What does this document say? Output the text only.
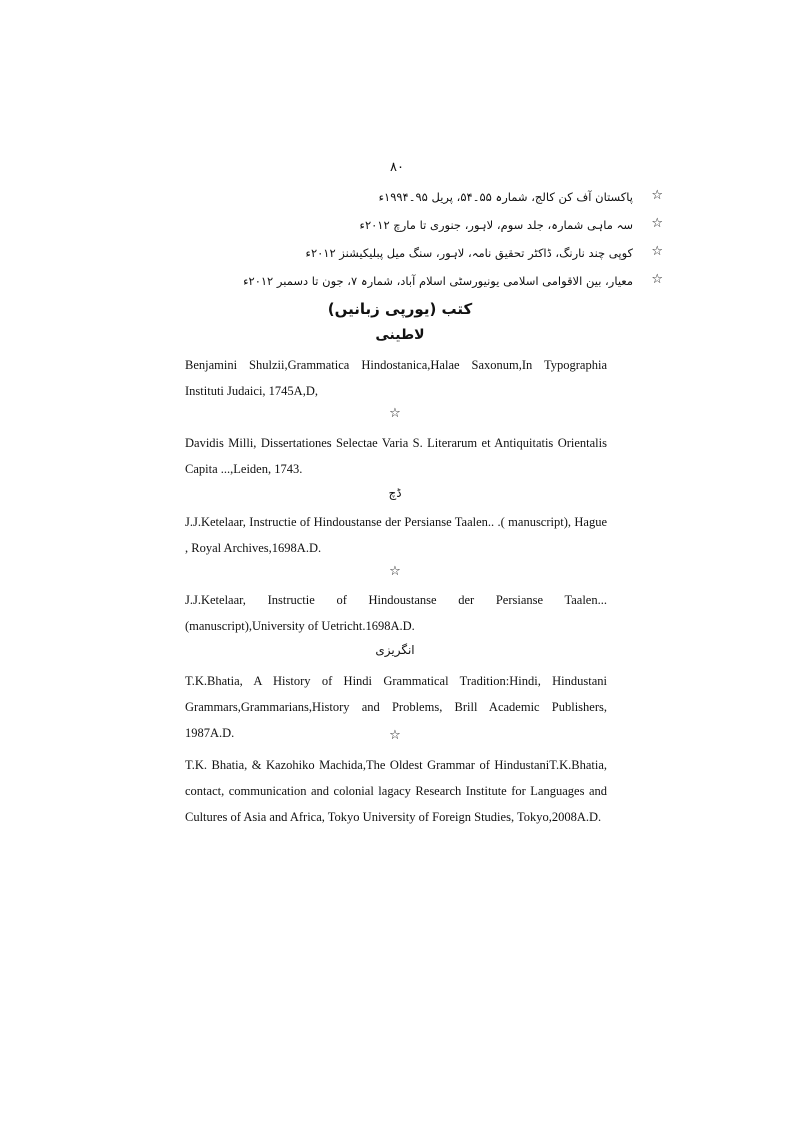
۸۰
پاکستان آف کن کالج، شمارہ ۵۵۔۵۴، پریل ۹۵۔۱۹۹۴ء ☆
سہ ماہی شمارہ، جلد سوم، لاہور، جنوری تا مارچ ۲۰۱۲ء ☆
کوپی چند نارنگ، ڈاکٹر تحقیق نامہ، لاہور، سنگ میل پبلیکیشنز ۲۰۱۲ء ☆
معیار، بین الاقوامی اسلامی یونیورسٹی اسلام آباد، شمارہ ۷، جون تا دسمبر ۲۰۱۲ء ☆
کتب (یورپی زبانیں)
لاطینی
Benjamini Shulzii,Grammatica Hindostanica,Halae Saxonum,In Typographia Instituti Judaici, 1745A,D,
☆
Davidis Milli, Dissertationes Selectae Varia S. Literarum et Antiquitatis Orientalis Capita ...,Leiden, 1743.
ڈچ
J.J.Ketelaar, Instructie of Hindoustanse der Persianse Taalen.. .( manuscript), Hague , Royal Archives,1698A.D.
☆
J.J.Ketelaar, Instructie of Hindoustanse der Persianse Taalen... (manuscript),University of Uetricht.1698A.D.
انگریزی
T.K.Bhatia, A History of Hindi Grammatical Tradition:Hindi, Hindustani Grammars,Grammarians,History and Problems, Brill Academic Publishers, 1987A.D.	☆
T.K. Bhatia, & Kazohiko Machida,The Oldest Grammar of HindustaniT.K.Bhatia, contact, communication and colonial lagacy Research Institute for Languages and Cultures of Asia and Africa, Tokyo University of Foreign Studies, Tokyo,2008A.D.
